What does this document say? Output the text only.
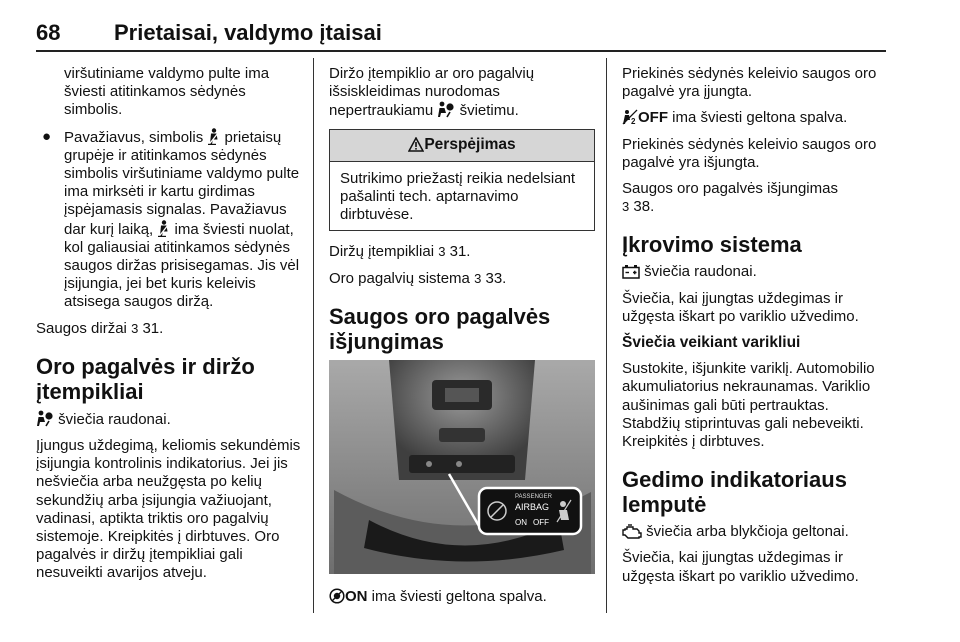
68 Prietaisai, valdymo įtaisai

viršutiniame valdymo pulte ima šviesti atitinkamos sėdynės simbolis.

● Pavažiavus, simbolis  prietaisų grupėje ir atitinkamos sėdynės simbolis viršutiniame valdymo pulte ima mirksėti ir kartu girdimas įspėjamasis signalas. Pavažiavus dar kurį laiką,  ima šviesti nuolat, kol galiausiai atitinkamos sėdynės saugos diržas prisisegamas. Jis vėl įsijungia, jei bet kuris keleivis atsisega saugos diržą.

Saugos diržai 3 31.

Oro pagalvės ir diržo įtempikliai

šviečia raudonai.

Įjungus uždegimą, keliomis sekundėmis įsijungia kontrolinis indikatorius. Jei jis nešviečia arba neužgęsta po kelių sekundžių arba įsijungia važiuojant, vadinasi, aptikta triktis oro pagalvių sistemoje. Kreipkitės į dirbtuves. Oro pagalvės ir diržų įtempikliai gali nesuveikti avarijos atveju.

Diržo įtempiklio ar oro pagalvių išsiskleidimas nurodomas nepertraukiamu  švietimu.

Perspėjimas
Sutrikimo priežastį reikia nedelsiant pašalinti tech. aptarnavimo dirbtuvėse.

Diržų įtempikliai 3 31.

Oro pagalvių sistema 3 33.

Saugos oro pagalvės išjungimas
PASSENGER
AIRBAG
ON OFF

ON ima šviesti geltona spalva.

Priekinės sėdynės keleivio saugos oro pagalvė yra įjungta.

2 OFF ima šviesti geltona spalva.

Priekinės sėdynės keleivio saugos oro pagalvė yra išjungta.

Saugos oro pagalvės išjungimas
3 38.

Įkrovimo sistema

šviečia raudonai.

Šviečia, kai įjungtas uždegimas ir užgęsta iškart po variklio užvedimo.

Šviečia veikiant varikliui

Sustokite, išjunkite variklį. Automobilio akumuliatorius nekraunamas. Variklio aušinimas gali būti pertrauktas. Stabdžių stiprintuvas gali nebeveikti. Kreipkitės į dirbtuves.

Gedimo indikatoriaus lemputė

šviečia arba blykčioja geltonai.

Šviečia, kai įjungtas uždegimas ir užgęsta iškart po variklio užvedimo.
